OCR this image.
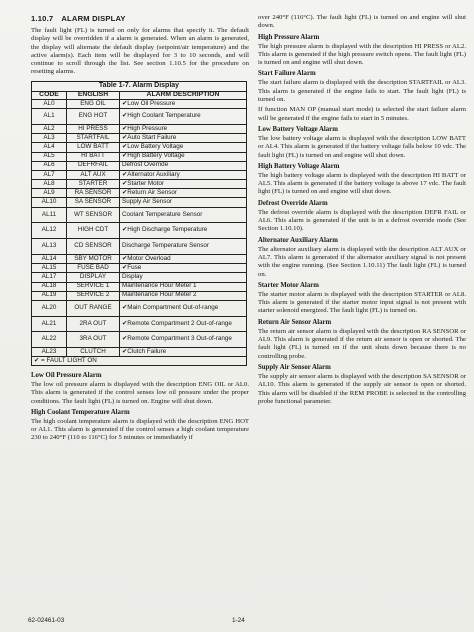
1.10.7 ALARM DISPLAY

The fault light (FL) is turned on only for alarms that specify it. The default display will be overridden if a alarm is generated. When an alarm is generated, the display will alternate the default display (setpoint/air temperature) and the active alarm(s). Each item will be displayed for 3 to 10 seconds, and will continue to scroll through the list. See section 1.10.5 for the procedure on resetting alarms.

Table 1-7. Alarm Display
CODE	ENGLISH	ALARM DESCRIPTION
AL0	ENG OIL	✔Low Oil Pressure
AL1	ENG HOT	✔High Coolant Temperature
AL2	HI PRESS	✔High Pressure
AL3	STARTFAIL	✔Auto Start Failure
AL4	LOW BATT	✔Low Battery Voltage
AL5	HI BATT	✔High Battery Voltage
AL6	DEFRFAIL	Defrost Override
AL7	ALT AUX	✔Alternator Auxiliary
AL8	STARTER	✔Starter Motor
AL9	RA SENSOR	✔Return Air Sensor
AL10	SA SENSOR	Supply Air Sensor
AL11	WT SENSOR	Coolant Temperature Sensor
AL12	HIGH CDT	✔High Discharge Temperature
AL13	CD SENSOR	Discharge Temperature Sensor
AL14	SBY MOTOR	✔Motor Overload
AL15	FUSE BAD	✔Fuse
AL17	DISPLAY	Display
AL18	SERVICE 1	Maintenance Hour Meter 1
AL19	SERVICE 2	Maintenance Hour Meter 2
AL20	OUT RANGE	✔Main Compartment Out-of-range
AL21	2RA OUT	✔Remote Compartment 2 Out-of-range
AL22	3RA OUT	✔Remote Compartment 3 Out-of-range
AL23	CLUTCH	✔Clutch Failure
✔ = FAULT LIGHT ON		
Low Oil Pressure Alarm

The low oil pressure alarm is displayed with the description ENG OIL or AL0. This alarm is generated if the control senses low oil pressure under the proper conditions. The fault light (FL) is turned on. Engine will shut down.

High Coolant Temperature Alarm

The high coolant temperature alarm is displayed with the description ENG HOT or AL1. This alarm is generated if the control senses a high coolant temperature 230 to 240°F (110 to 116°C) for 5 minutes or immediately if

over 240°F (116°C). The fault light (FL) is turned on and engine will shut down.

High Pressure Alarm

The high pressure alarm is displayed with the description HI PRESS or AL2. This alarm is generated if the high pressure switch opens. The fault light (FL) is turned on and engine will shut down.

Start Failure Alarm

The start failure alarm is displayed with the description STARTFAIL or AL3. This alarm is generated if the engine fails to start. The fault light (FL) is turned on.

If function MAN OP (manual start mode) is selected the start failure alarm will be generated if the engine fails to start in 5 minutes.

Low Battery Voltage Alarm

The low battery voltage alarm is displayed with the description LOW BATT or AL4. This alarm is generated if the battery voltage falls below 10 vdc. The fault light (FL) is turned on and engine will shut down.

High Battery Voltage Alarm

The high battery voltage alarm is displayed with the description HI BATT or AL5. This alarm is generated if the battery voltage is above 17 vdc. The fault light (FL) is turned on and engine will shut down.

Defrost Override Alarm

The defrost override alarm is displayed with the description DEFR FAIL or AL6. This alarm is generated if the unit is in a defrost override mode (See Section 1.10.10).

Alternator Auxiliary Alarm

The alternator auxiliary alarm is displayed with the description ALT AUX or AL7. This alarm is generated if the alternator auxiliary signal is not present with the engine running. (See Section 1.10.11) The fault light (FL) is turned on.

Starter Motor Alarm

The starter motor alarm is displayed with the description STARTER or AL8. This alarm is generated if the starter motor input signal is not present with starter solenoid energized. The fault light (FL) is turned on.

Return Air Sensor Alarm

The return air sensor alarm is displayed with the description RA SENSOR or AL9. This alarm is generated if the return air sensor is open or shorted. The fault light (FL) is turned on if the unit shuts down because there is no controlling probe.

Supply Air Sensor Alarm

The supply air sensor alarm is displayed with the description SA SENSOR or AL10. This alarm is generated if the supply air sensor is open or shorted. This alarm will be disabled if the REM PROBE is selected in the controlling probe functional parameter.

62-02461-03	1-24
